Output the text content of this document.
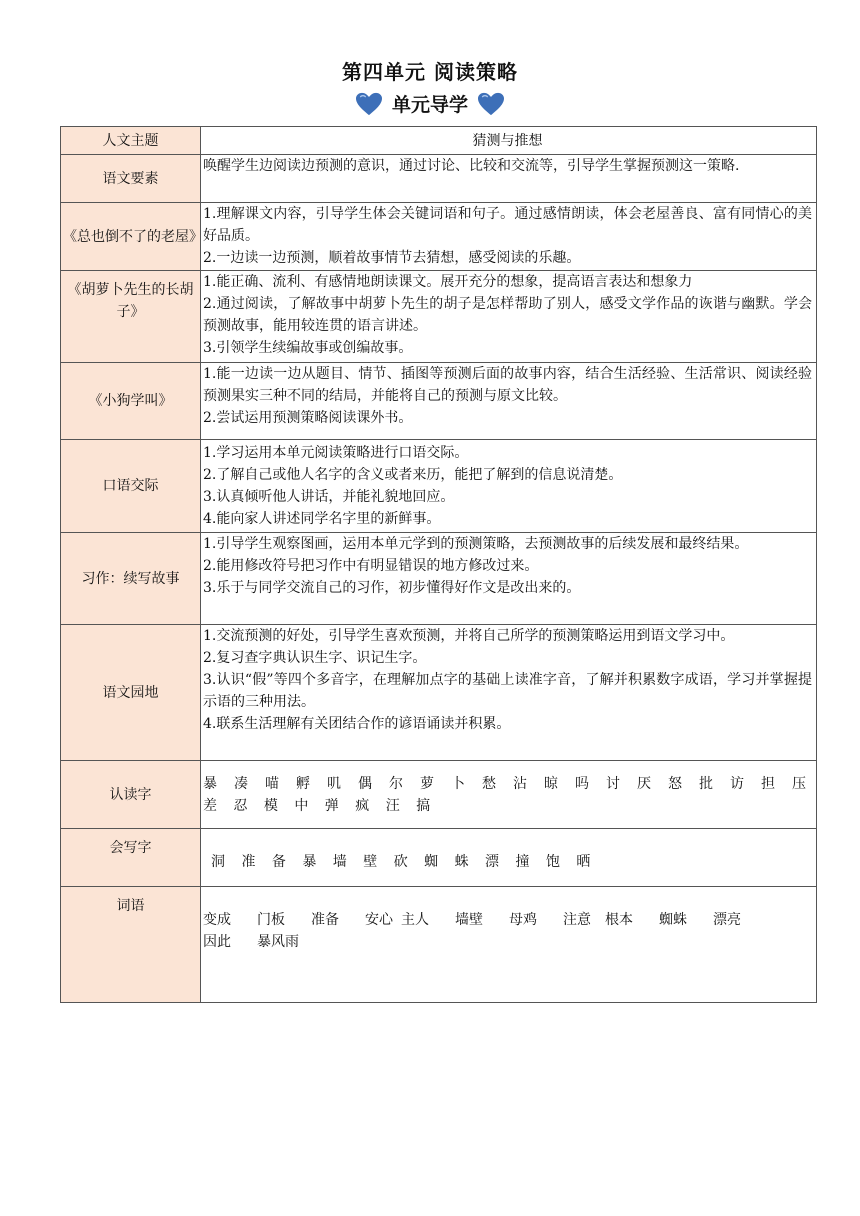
第四单元 阅读策略
单元导学
人文主题	猜测与推想

语文要素	唤醒学生边阅读边预测的意识，通过讨论、比较和交流等，引导学生掌握预测这一策略.

《总也倒不了的老屋》	1.理解课文内容，引导学生体会关键词语和句子。通过感情朗读，体会老屋善良、富有同情心的美好品质。
2.一边读一边预测，顺着故事情节去猜想，感受阅读的乐趣。

《胡萝卜先生的长胡子》	1.能正确、流利、有感情地朗读课文。展开充分的想象，提高语言表达和想象力
2.通过阅读，了解故事中胡萝卜先生的胡子是怎样帮助了别人，感受文学作品的诙谐与幽默。学会预测故事，能用较连贯的语言讲述。
3.引领学生续编故事或创编故事。

《小狗学叫》	1.能一边读一边从题目、情节、插图等预测后面的故事内容，结合生活经验、生活常识、阅读经验预测果实三种不同的结局，并能将自己的预测与原文比较。
2.尝试运用预测策略阅读课外书。

口语交际	1.学习运用本单元阅读策略进行口语交际。
2.了解自己或他人名字的含义或者来历，能把了解到的信息说清楚。
3.认真倾听他人讲话，并能礼貌地回应。
4.能向家人讲述同学名字里的新鲜事。

习作：续写故事	1.引导学生观察图画，运用本单元学到的预测策略，去预测故事的后续发展和最终结果。
2.能用修改符号把习作中有明显错误的地方修改过来。
3.乐于与同学交流自己的习作，初步懂得好作文是改出来的。

语文园地	1.交流预测的好处，引导学生喜欢预测，并将自己所学的预测策略运用到语文学习中。
2.复习查字典认识生字、识记生字。
3.认识“假”等四个多音字，在理解加点字的基础上读准字音，了解并积累数字成语，学习并掌握提示语的三种用法。
4.联系生活理解有关团结合作的谚语诵读并积累。

认读字	暴 凑 喵 孵 叽 偶 尔 萝 卜 愁 沾 晾 吗 讨 厌 怒 批 访 担 压 差 忍 模 中 弹 疯 汪 搞

会写字	洞 准 备 暴 墙 壁 砍 蜘 蛛 漂 撞 饱 晒

词语	变成 门板 准备 安心 主人 墙壁 母鸡 注意 根本 蜘蛛 漂亮因此 暴风雨
